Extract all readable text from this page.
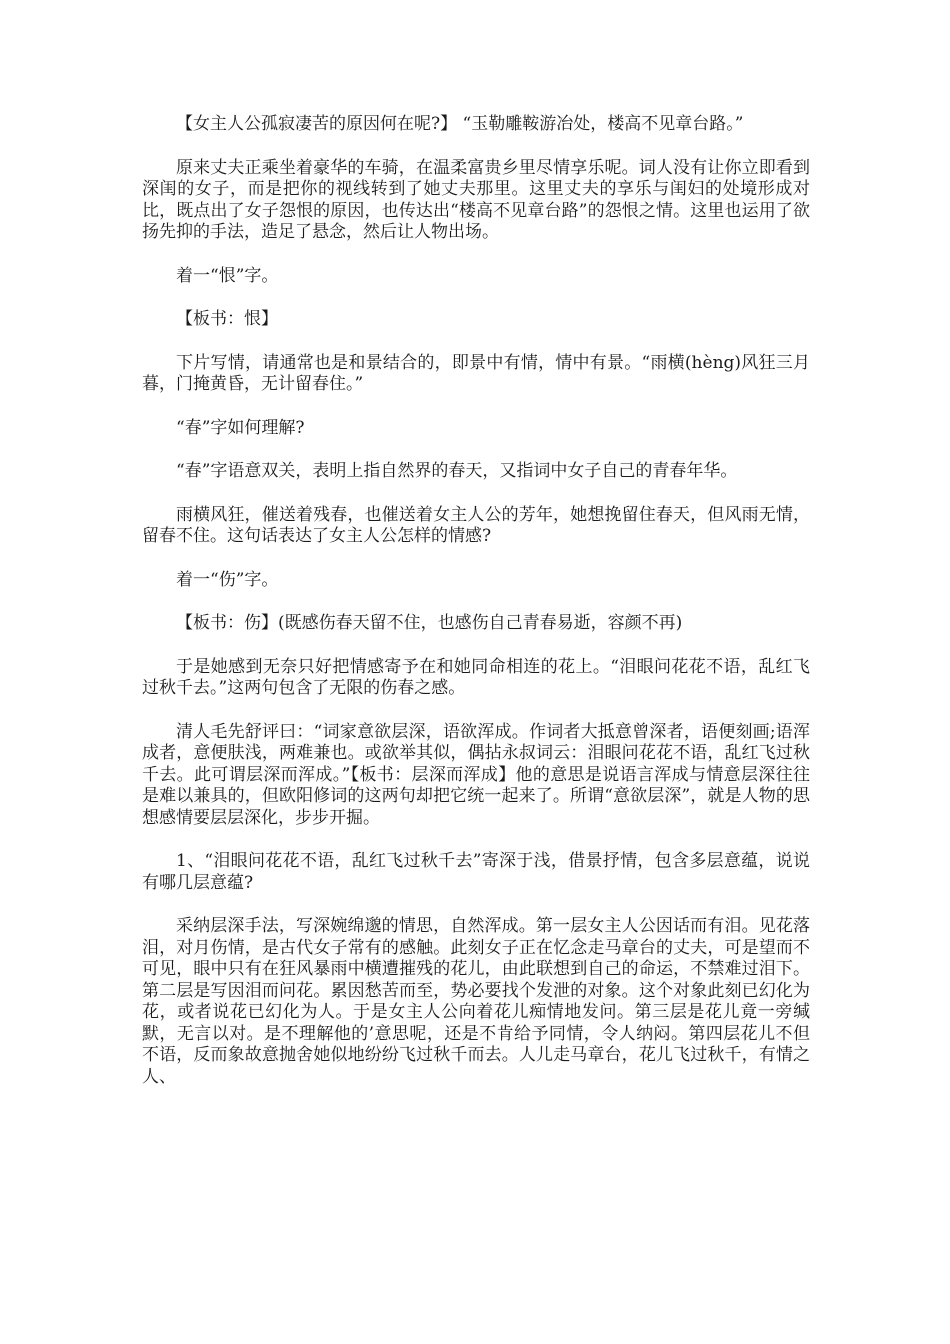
【女主人公孤寂凄苦的原因何在呢?】 “玉勒雕鞍游冶处，楼高不见章台路。”

原来丈夫正乘坐着豪华的车骑，在温柔富贵乡里尽情享乐呢。词人没有让你立即看到深闺的女子，而是把你的视线转到了她丈夫那里。这里丈夫的享乐与闺妇的处境形成对比，既点出了女子怨恨的原因，也传达出“楼高不见章台路”的怨恨之情。这里也运用了欲扬先抑的手法，造足了悬念，然后让人物出场。

着一“恨”字。

【板书：恨】

下片写情，请通常也是和景结合的，即景中有情，情中有景。“雨横(hèng)风狂三月暮，门掩黄昏，无计留春住。”

“春”字如何理解?

“春”字语意双关，表明上指自然界的春天，又指词中女子自己的青春年华。

雨横风狂，催送着残春，也催送着女主人公的芳年，她想挽留住春天，但风雨无情，留春不住。这句话表达了女主人公怎样的情感?

着一“伤”字。

【板书：伤】(既感伤春天留不住，也感伤自己青春易逝，容颜不再)

于是她感到无奈只好把情感寄予在和她同命相连的花上。“泪眼问花花不语，乱红飞过秋千去。”这两句包含了无限的伤春之感。

清人毛先舒评曰：“词家意欲层深，语欲浑成。作词者大抵意曾深者，语便刻画;语浑成者，意便肤浅，两难兼也。或欲举其似，偶拈永叔词云：泪眼问花花不语，乱红飞过秋千去。此可谓层深而浑成。”【板书：层深而浑成】他的意思是说语言浑成与情意层深往往是难以兼具的，但欧阳修词的这两句却把它统一起来了。所谓“意欲层深”，就是人物的思想感情要层层深化，步步开掘。

1、“泪眼问花花不语，乱红飞过秋千去”寄深于浅，借景抒情，包含多层意蕴，说说有哪几层意蕴?

采纳层深手法，写深婉绵邈的情思，自然浑成。第一层女主人公因话而有泪。见花落泪，对月伤情，是古代女子常有的感触。此刻女子正在忆念走马章台的丈夫，可是望而不可见，眼中只有在狂风暴雨中横遭摧残的花儿，由此联想到自己的命运，不禁难过泪下。第二层是写因泪而问花。累因愁苦而至，势必要找个发泄的对象。这个对象此刻已幻化为花，或者说花已幻化为人。于是女主人公向着花儿痴情地发问。第三层是花儿竟一旁缄默，无言以对。是不理解他的’意思呢，还是不肯给予同情，令人纳闷。第四层花儿不但不语，反而象故意抛舍她似地纷纷飞过秋千而去。人儿走马章台，花儿飞过秋千，有情之人、
